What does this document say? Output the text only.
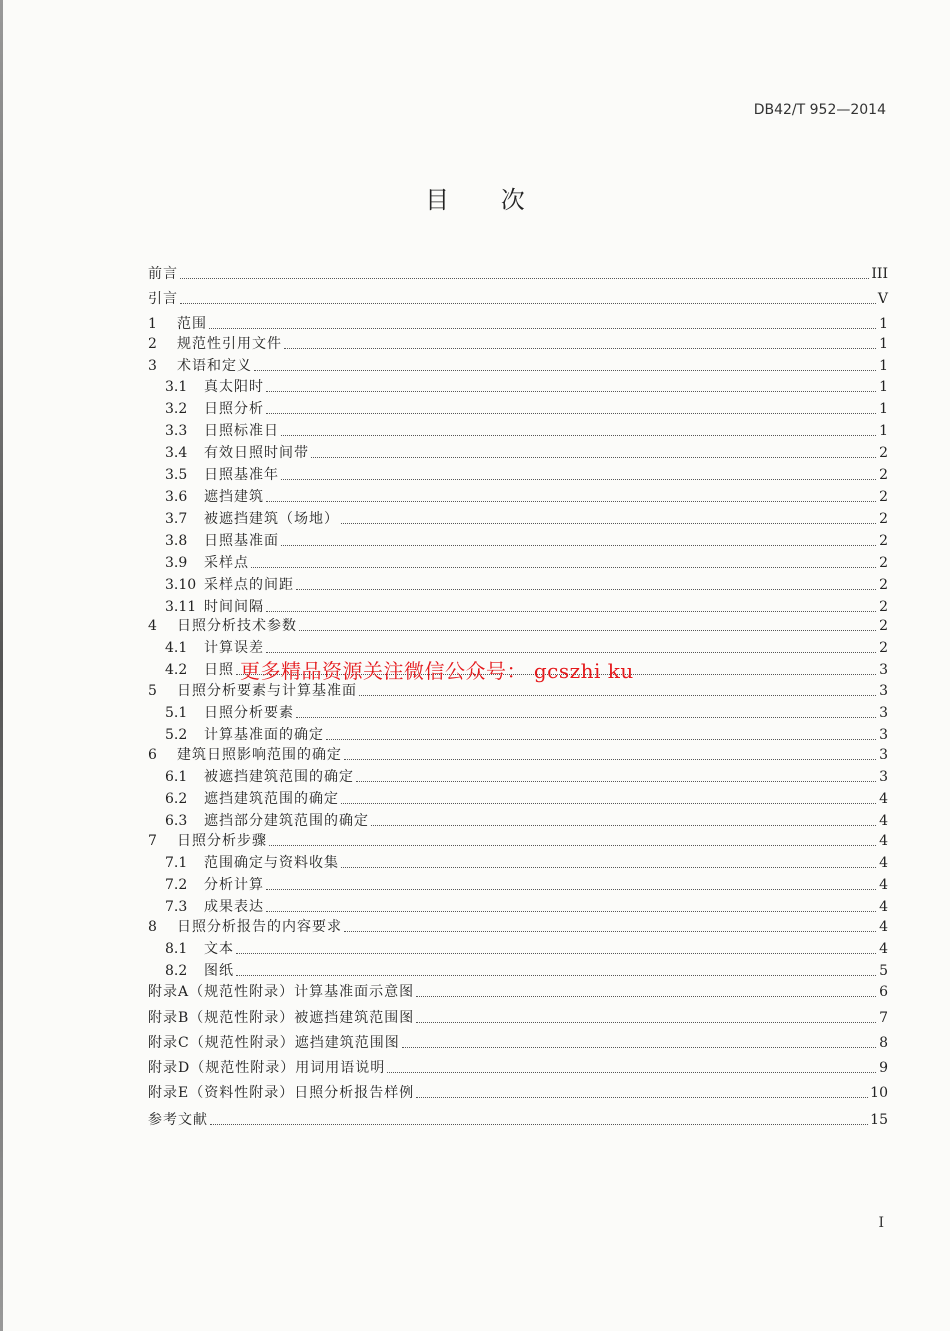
DB42/T 952—2014
目 次
前言	III
引言	V
1	范围	1
2	规范性引用文件	1
3	术语和定义	1
3.1	真太阳时	1
3.2	日照分析	1
3.3	日照标准日	1
3.4	有效日照时间带	2
3.5	日照基准年	2
3.6	遮挡建筑	2
3.7	被遮挡建筑（场地）	2
3.8	日照基准面	2
3.9	采样点	2
3.10 采样点的间距	2
3.11 时间间隔	2
4	日照分析技术参数	2
4.1	计算误差	2
4.2	日照	3
5	日照分析要素与计算基准面	3
5.1	日照分析要素	3
5.2	计算基准面的确定	3
6	建筑日照影响范围的确定	3
6.1	被遮挡建筑范围的确定	3
6.2	遮挡建筑范围的确定	4
6.3	遮挡部分建筑范围的确定	4
7	日照分析步骤	4
7.1	范围确定与资料收集	4
7.2	分析计算	4
7.3	成果表达	4
8	日照分析报告的内容要求	4
8.1	文本	4
8.2	图纸	5
附录A（规范性附录）计算基准面示意图	6
附录B（规范性附录）被遮挡建筑范围图	7
附录C（规范性附录）遮挡建筑范围图	8
附录D（规范性附录）用词用语说明	9
附录E（资料性附录）日照分析报告样例	10
参考文献	15
更多精品资源关注微信公众号： gcszhi ku
I
